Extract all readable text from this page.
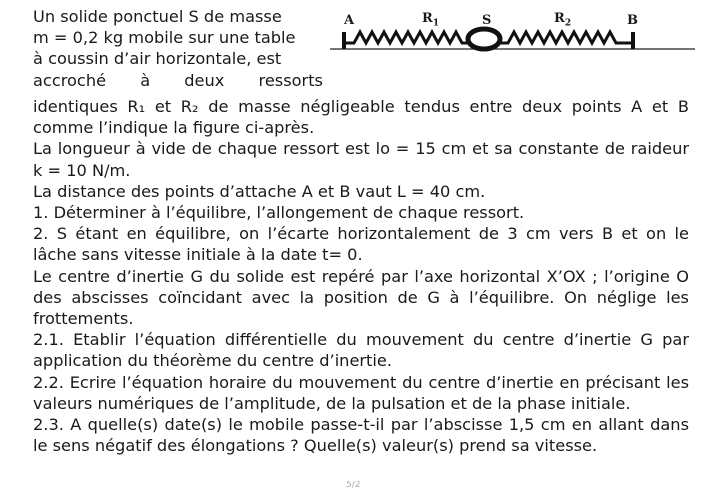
Un solide ponctuel S de masse
m = 0,2 kg mobile sur une table
à coussin d’air horizontale, est
accroché à deux ressorts
A	$R_1$	S	$R_2$	B

identiques R₁ et R₂ de masse négligeable tendus entre deux points A et B comme l’indique la figure ci-après.

La longueur à vide de chaque ressort est lo = 15 cm et sa constante de raideur k = 10 N/m.

La distance des points d’attache A et B vaut L = 40 cm.

1. Déterminer à l’équilibre, l’allongement de chaque ressort.

2. S étant en équilibre, on l’écarte horizontalement de 3 cm vers B et on le lâche sans vitesse initiale à la date t= 0.

Le centre d’inertie G du solide est repéré par l’axe horizontal X’OX ; l’origine O des abscisses coïncidant avec la position de G à l’équilibre. On néglige les frottements.

2.1. Etablir l’équation différentielle du mouvement du centre d’inertie G par application du théorème du centre d’inertie.

2.2. Ecrire l’équation horaire du mouvement du centre d’inertie en précisant les valeurs numériques de l’amplitude, de la pulsation et de la phase initiale.

2.3. A quelle(s) date(s) le mobile passe-t-il par l’abscisse 1,5 cm en allant dans le sens négatif des élongations ? Quelle(s) valeur(s) prend sa vitesse.

5/2
